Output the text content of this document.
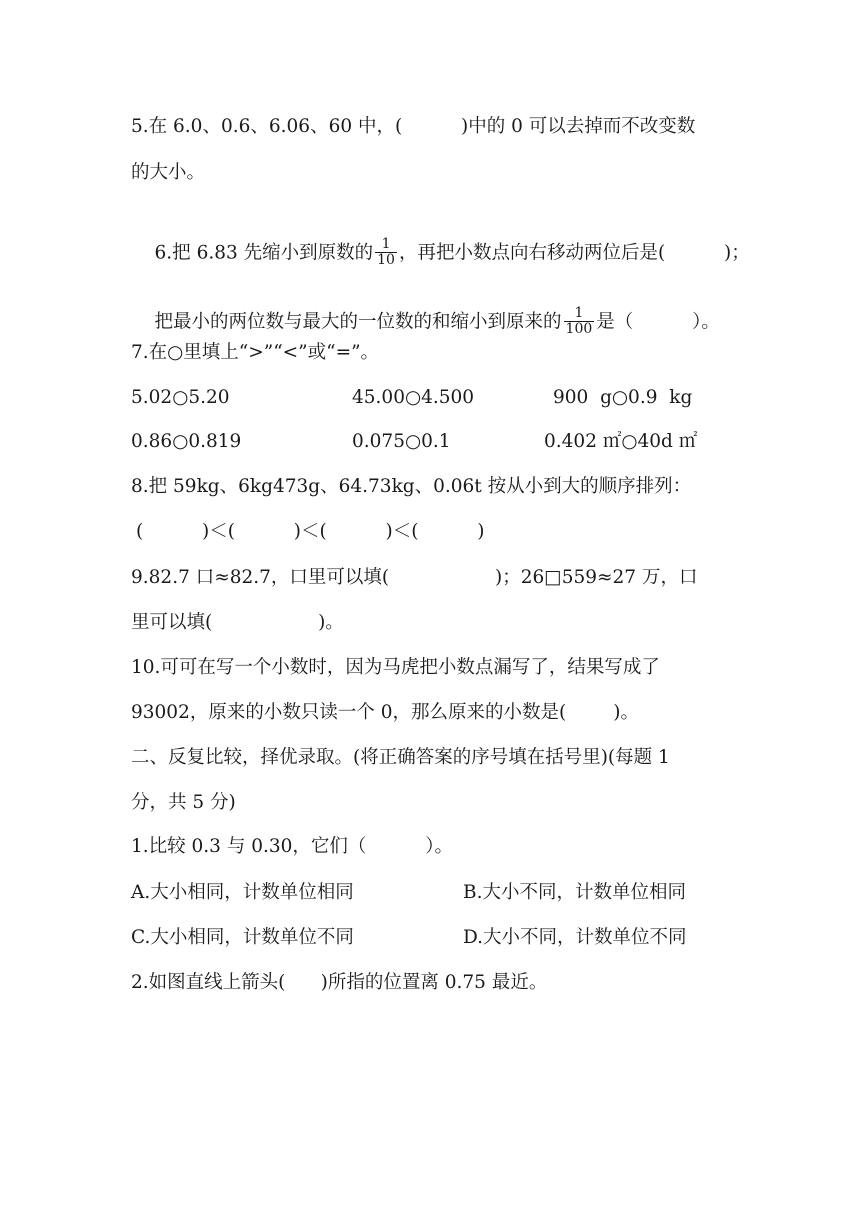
5.在 6.0、0.6、6.06、60 中，(          )中的 0 可以去掉而不改变数
的大小。

6.把 6.83 先缩小到原数的 $\frac{1}{10}$ ，再把小数点向右移动两位后是(          )；

把最小的两位数与最大的一位数的和缩小到原来的 $\frac{1}{100}$ 是（          ）。

7.在○里填上“>”“<”或“=”。
5.02○5.20	45.00○4.500	900  g○0.9  kg
0.86○0.819	0.075○0.1	0.402 ㎡○40d ㎡
8.把 59kg、6kg473g、64.73kg、0.06t 按从小到大的顺序排列：
(          )＜(          )＜(          )＜(          )
9.82.7 口≈82.7，口里可以填(                  )；26□559≈27 万，口
里可以填(                  )。
10.可可在写一个小数时，因为马虎把小数点漏写了，结果写成了
93002，原来的小数只读一个 0，那么原来的小数是(        )。
二、反复比较，择优录取。(将正确答案的序号填在括号里)(每题 1
分，共 5 分)
1.比较 0.3 与 0.30，它们（          ）。
A.大小相同，计数单位相同	B.大小不同，计数单位相同
C.大小相同，计数单位不同	D.大小不同，计数单位不同
2.如图直线上箭头(      )所指的位置离 0.75 最近。
